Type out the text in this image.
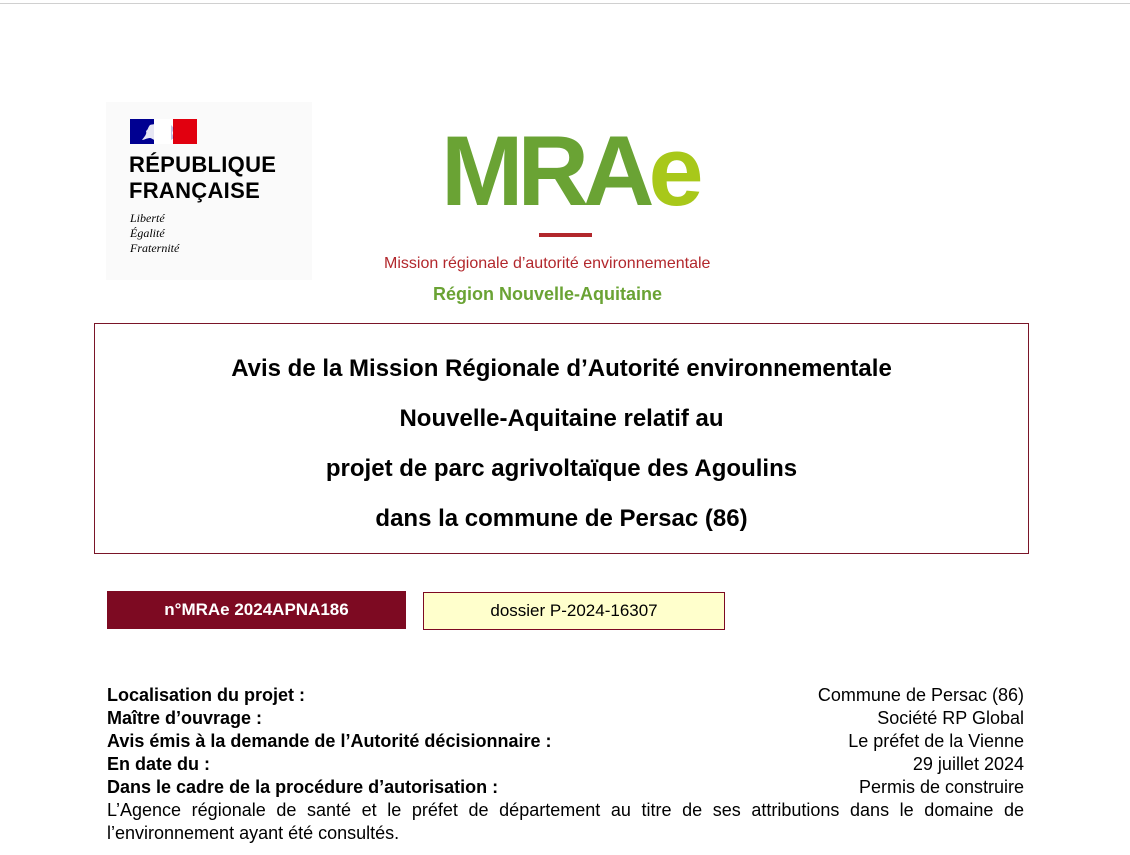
RÉPUBLIQUE
FRANÇAISE
Liberté
Égalité
Fraternité
MRAe
Mission régionale d’autorité environnementale
Région Nouvelle-Aquitaine
Avis de la Mission Régionale d’Autorité environnementale
Nouvelle-Aquitaine relatif au
projet de parc agrivoltaïque des Agoulins
dans la commune de Persac (86)
n°MRAe 2024APNA186	dossier P-2024-16307
Localisation du projet :	Commune de Persac (86)
Maître d’ouvrage :	Société RP Global
Avis émis à la demande de l’Autorité décisionnaire :	Le préfet de la Vienne
En date du :	29 juillet 2024
Dans le cadre de la procédure d’autorisation :	Permis de construire
L’Agence régionale de santé et le préfet de département au titre de ses attributions dans le domaine de l’environnement ayant été consultés.
